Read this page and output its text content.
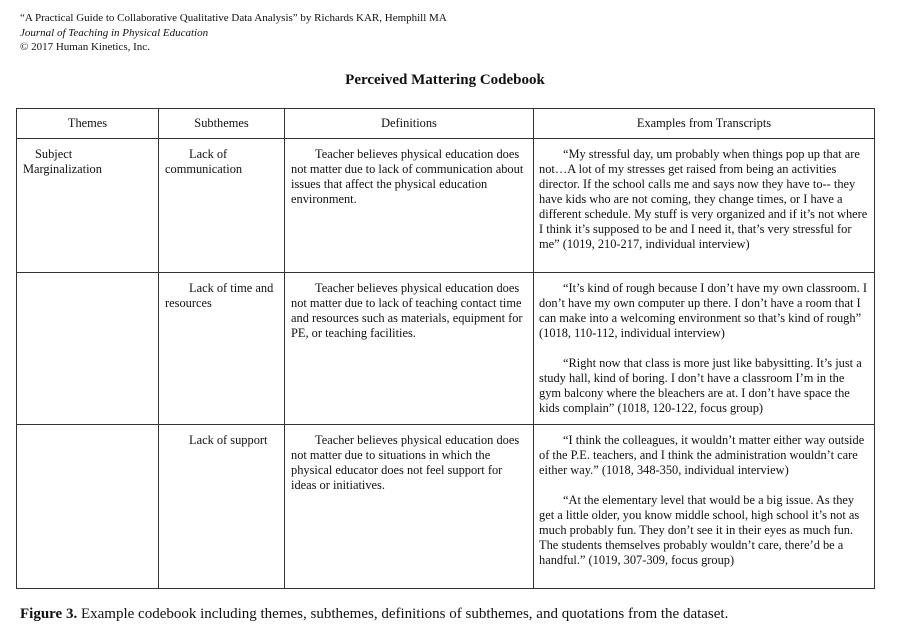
“A Practical Guide to Collaborative Qualitative Data Analysis” by Richards KAR, Hemphill MA
Journal of Teaching in Physical Education
© 2017 Human Kinetics, Inc.
Perceived Mattering Codebook
Themes	Subthemes	Definitions	Examples from Transcripts

Subject Marginalization	Lack of communication	Teacher believes physical education does not matter due to lack of communication about issues that affect the physical education environment.	“My stressful day, um probably when things pop up that are not…A lot of my stresses get raised from being an activities director. If the school calls me and says now they have to-- they have kids who are not coming, they change times, or I have a different schedule. My stuff is very organized and if it’s not where I think it’s supposed to be and I need it, that’s very stressful for me” (1019, 210-217, individual interview)

	Lack of time and resources	Teacher believes physical education does not matter due to lack of teaching contact time and resources such as materials, equipment for PE, or teaching facilities.	“It’s kind of rough because I don’t have my own classroom. I don’t have my own computer up there. I don’t have a room that I can make into a welcoming environment so that’s kind of rough” (1018, 110-112, individual interview)
“Right now that class is more just like babysitting. It’s just a study hall, kind of boring. I don’t have a classroom I’m in the gym balcony where the bleachers are at. I don’t have space the kids complain” (1018, 120-122, focus group)

	Lack of support	Teacher believes physical education does not matter due to situations in which the physical educator does not feel support for ideas or initiatives.	“I think the colleagues, it wouldn’t matter either way outside of the P.E. teachers, and I think the administration wouldn’t care either way.” (1018, 348-350, individual interview)
“At the elementary level that would be a big issue. As they get a little older, you know middle school, high school it’s not as much probably fun. They don’t see it in their eyes as much fun. The students themselves probably wouldn’t care, there’d be a handful.” (1019, 307-309, focus group)
Figure 3. Example codebook including themes, subthemes, definitions of subthemes, and quotations from the dataset.
